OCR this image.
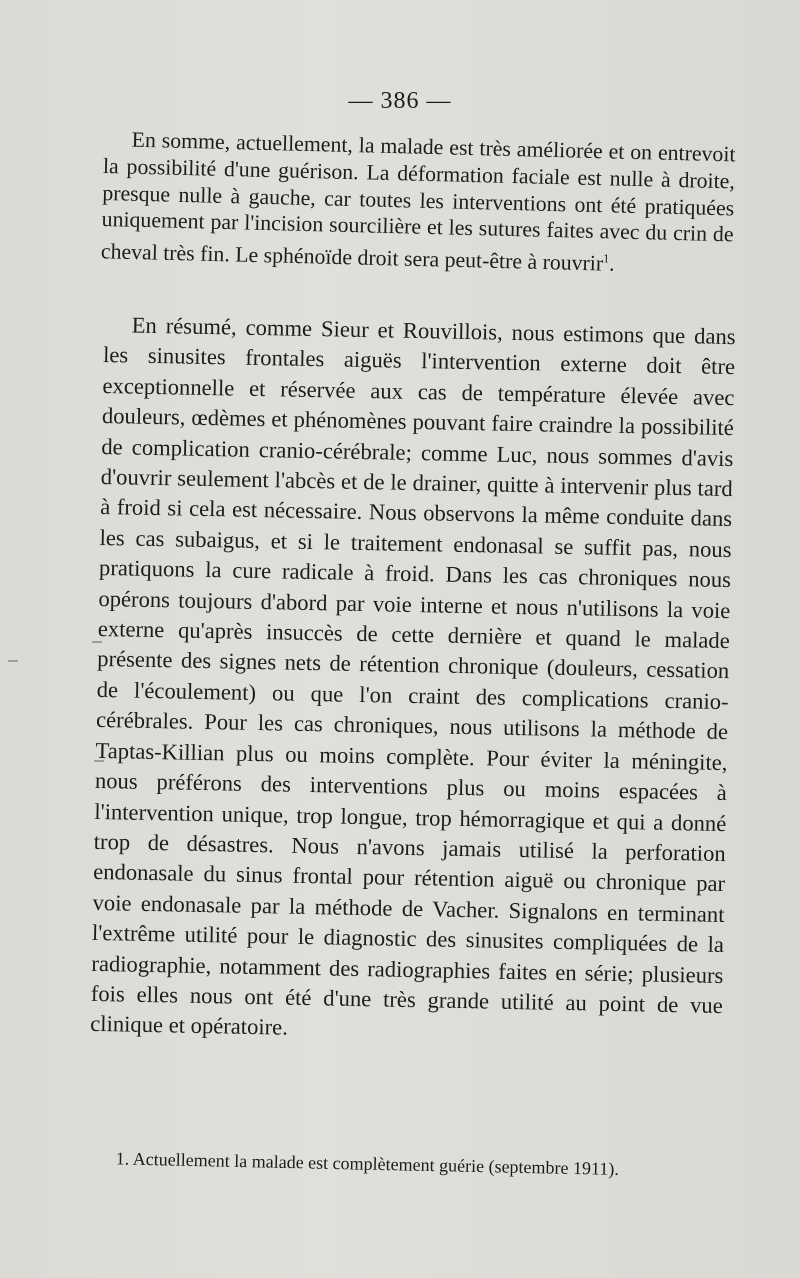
— 386 —

En somme, actuellement, la malade est très améliorée et on entrevoit la possibilité d'une guérison. La déformation faciale est nulle à droite, presque nulle à gauche, car toutes les interventions ont été pratiquées uniquement par l'incision sourcilière et les sutures faites avec du crin de cheval très fin. Le sphénoïde droit sera peut-être à rouvrir$^1$.

En résumé, comme Sieur et Rouvillois, nous estimons que dans les sinusites frontales aiguës l'intervention externe doit être exceptionnelle et réservée aux cas de température élevée avec douleurs, œdèmes et phénomènes pouvant faire craindre la possibilité de complication cranio-cérébrale; comme Luc, nous sommes d'avis d'ouvrir seulement l'abcès et de le drainer, quitte à intervenir plus tard à froid si cela est nécessaire. Nous observons la même conduite dans les cas subaigus, et si le traitement endonasal se suffit pas, nous pratiquons la cure radicale à froid. Dans les cas chroniques nous opérons toujours d'abord par voie interne et nous n'utilisons la voie externe qu'après insuccès de cette dernière et quand le malade présente des signes nets de rétention chronique (douleurs, cessation de l'écoulement) ou que l'on craint des complications cranio-cérébrales. Pour les cas chroniques, nous utilisons la méthode de Taptas-Killian plus ou moins complète. Pour éviter la méningite, nous préférons des interventions plus ou moins espacées à l'intervention unique, trop longue, trop hémorragique et qui a donné trop de désastres. Nous n'avons jamais utilisé la perforation endonasale du sinus frontal pour rétention aiguë ou chronique par voie endonasale par la méthode de Vacher. Signalons en terminant l'extrême utilité pour le diagnostic des sinusites compliquées de la radiographie, notamment des radiographies faites en série; plusieurs fois elles nous ont été d'une très grande utilité au point de vue clinique et opératoire.

1. Actuellement la malade est complètement guérie (septembre 1911).
